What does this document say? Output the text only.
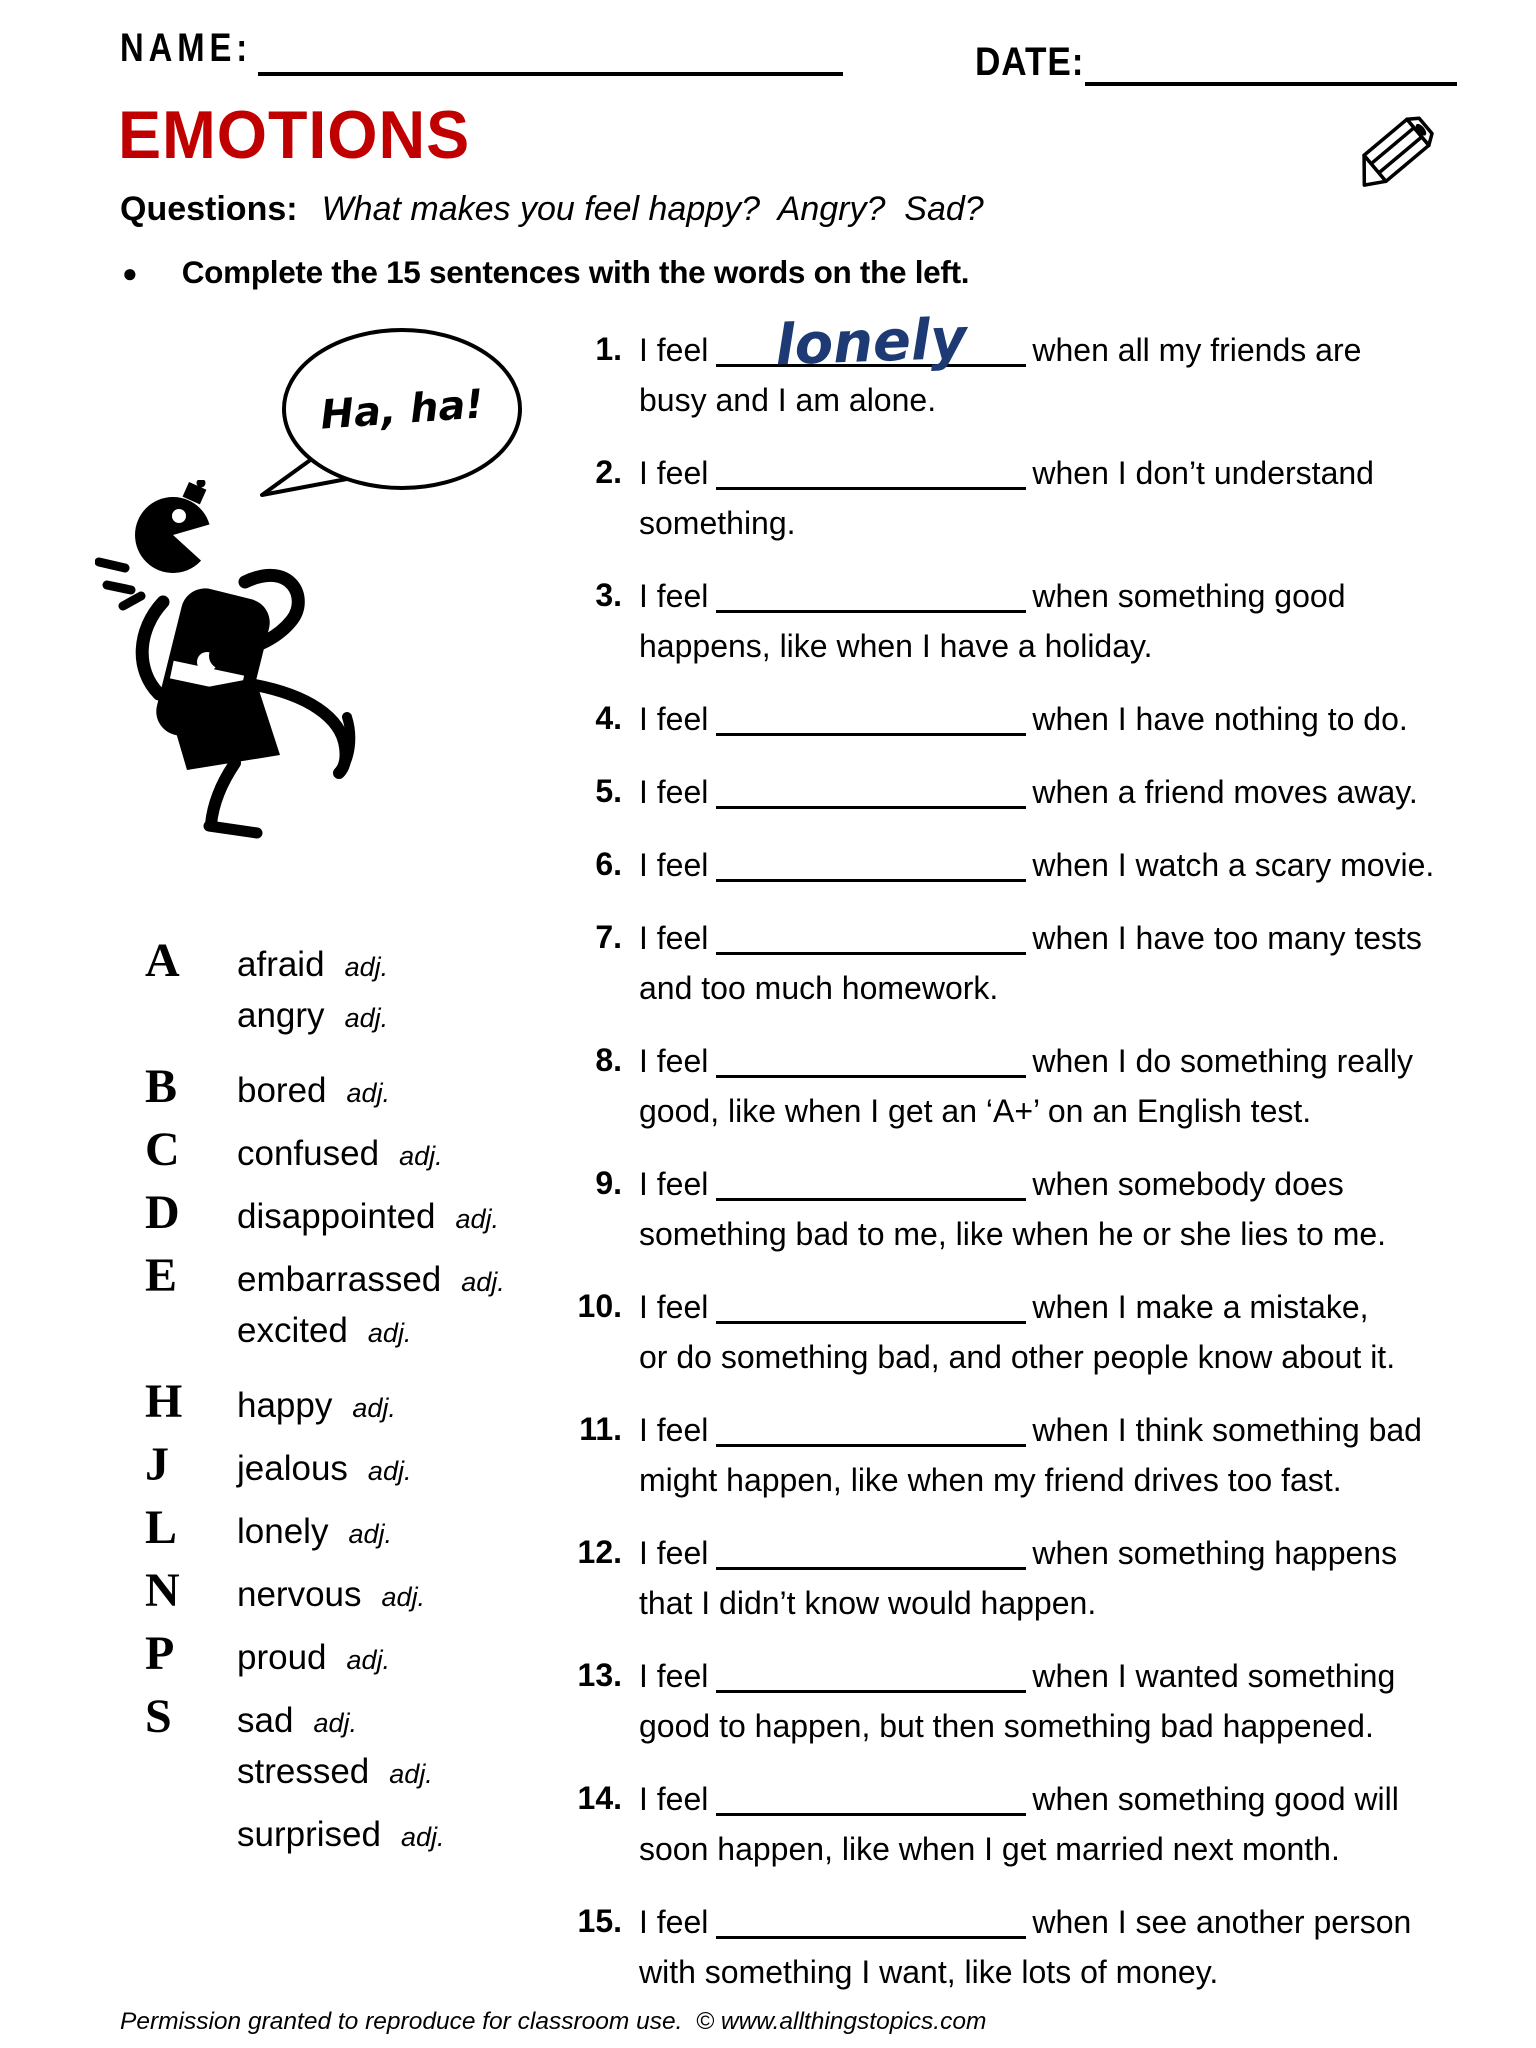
NAME:	DATE:
EMOTIONS
Questions: What makes you feel happy?  Angry?  Sad?
● Complete the 15 sentences with the words on the left.
Ha, ha!
1. I feel lonely when all my friends are
busy and I am alone.
2. I feel	when I don’t understand
something.
3. I feel	when something good
happens, like when I have a holiday.
4. I feel	when I have nothing to do.
5. I feel	when a friend moves away.
6. I feel	when I watch a scary movie.
7. I feel	when I have too many tests
and too much homework.
8. I feel	when I do something really
good, like when I get an ‘A+’ on an English test.
9. I feel	when somebody does
something bad to me, like when he or she lies to me.
10. I feel	when I make a mistake,
or do something bad, and other people know about it.
11. I feel	when I think something bad
might happen, like when my friend drives too fast.
12. I feel	when something happens
that I didn’t know would happen.
13. I feel	when I wanted something
good to happen, but then something bad happened.
14. I feel	when something good will
soon happen, like when I get married next month.
15. I feel	when I see another person
with something I want, like lots of money.
A	afraid adj.
angry adj.
B	bored adj.
C	confused adj.
D	disappointed adj.
E	embarrassed adj.
excited adj.
H	happy adj.
J	jealous adj.
L	lonely adj.
N	nervous adj.
P	proud adj.
S	sad adj.
stressed adj.
surprised adj.
Permission granted to reproduce for classroom use.  © www.allthingstopics.com
